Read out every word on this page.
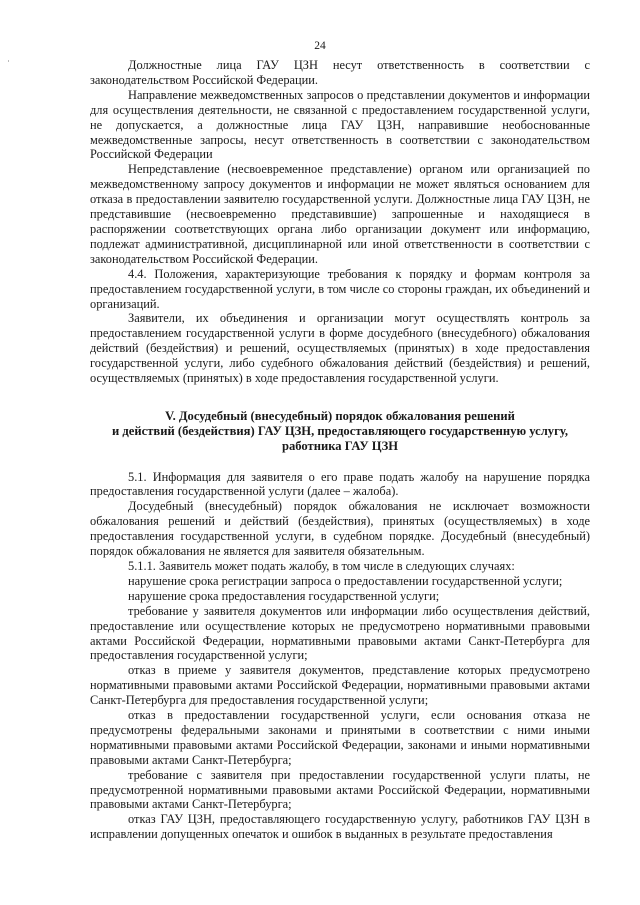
24

Должностные лица ГАУ ЦЗН несут ответственность в соответствии с законодательством Российской Федерации.

Направление межведомственных запросов о представлении документов и информации для осуществления деятельности, не связанной с предоставлением государственной услуги, не допускается, а должностные лица ГАУ ЦЗН, направившие необоснованные межведомственные запросы, несут ответственность в соответствии с законодательством Российской Федерации

Непредставление (несвоевременное представление) органом или организацией по межведомственному запросу документов и информации не может являться основанием для отказа в предоставлении заявителю государственной услуги. Должностные лица ГАУ ЦЗН, не представившие (несвоевременно представившие) запрошенные и находящиеся в распоряжении соответствующих органа либо организации документ или информацию, подлежат административной, дисциплинарной или иной ответственности в соответствии с законодательством Российской Федерации.

4.4. Положения, характеризующие требования к порядку и формам контроля за предоставлением государственной услуги, в том числе со стороны граждан, их объединений и организаций.

Заявители, их объединения и организации могут осуществлять контроль за предоставлением государственной услуги в форме досудебного (внесудебного) обжалования действий (бездействия) и решений, осуществляемых (принятых) в ходе предоставления государственной услуги, либо судебного обжалования действий (бездействия) и решений, осуществляемых (принятых) в ходе предоставления государственной услуги.

V. Досудебный (внесудебный) порядок обжалования решений
и действий (бездействия) ГАУ ЦЗН, предоставляющего государственную услугу,
работника ГАУ ЦЗН

5.1. Информация для заявителя о его праве подать жалобу на нарушение порядка предоставления государственной услуги (далее – жалоба).

Досудебный (внесудебный) порядок обжалования не исключает возможности обжалования решений и действий (бездействия), принятых (осуществляемых) в ходе предоставления государственной услуги, в судебном порядке. Досудебный (внесудебный) порядок обжалования не является для заявителя обязательным.

5.1.1. Заявитель может подать жалобу, в том числе в следующих случаях:

нарушение срока регистрации запроса о предоставлении государственной услуги;

нарушение срока предоставления государственной услуги;

требование у заявителя документов или информации либо осуществления действий, предоставление или осуществление которых не предусмотрено нормативными правовыми актами Российской Федерации, нормативными правовыми актами Санкт-Петербурга для предоставления государственной услуги;

отказ в приеме у заявителя документов, представление которых предусмотрено нормативными правовыми актами Российской Федерации, нормативными правовыми актами Санкт-Петербурга для предоставления государственной услуги;

отказ в предоставлении государственной услуги, если основания отказа не предусмотрены федеральными законами и принятыми в соответствии с ними иными нормативными правовыми актами Российской Федерации, законами и иными нормативными правовыми актами Санкт-Петербурга;

требование с заявителя при предоставлении государственной услуги платы, не предусмотренной нормативными правовыми актами Российской Федерации, нормативными правовыми актами Санкт-Петербурга;

отказ ГАУ ЦЗН, предоставляющего государственную услугу, работников ГАУ ЦЗН в исправлении допущенных опечаток и ошибок в выданных в результате предоставления
